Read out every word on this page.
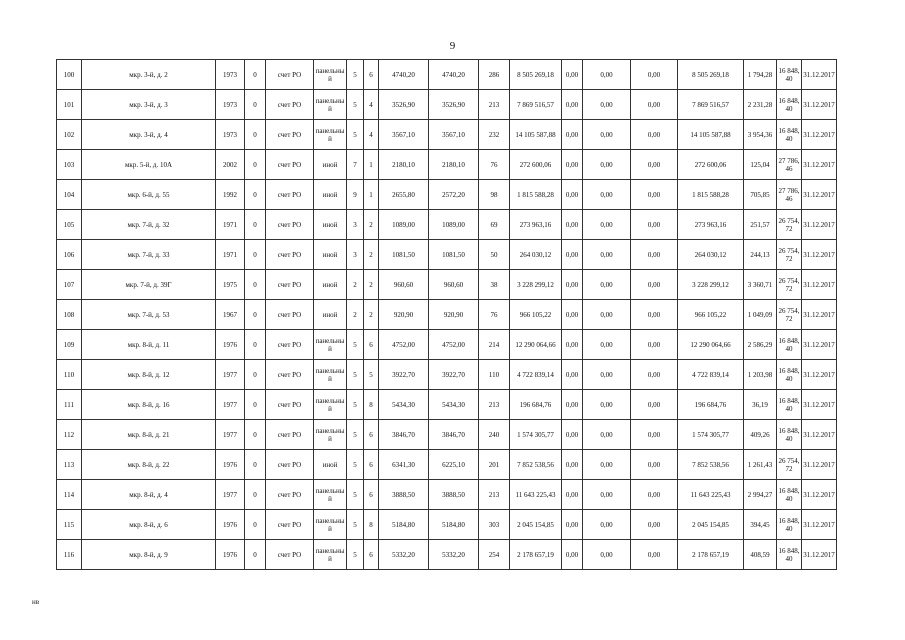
9
100	мкр. 3-й, д. 2	1973	0	счет РО	панельный	5	6	4740,20	4740,20	286	8 505 269,18	0,00	0,00	0,00	8 505 269,18	1 794,28	16 848,40	31.12.2017
101	мкр. 3-й, д. 3	1973	0	счет РО	панельный	5	4	3526,90	3526,90	213	7 869 516,57	0,00	0,00	0,00	7 869 516,57	2 231,28	16 848,40	31.12.2017
102	мкр. 3-й, д. 4	1973	0	счет РО	панельный	5	4	3567,10	3567,10	232	14 105 587,88	0,00	0,00	0,00	14 105 587,88	3 954,36	16 848,40	31.12.2017
103	мкр. 5-й, д. 10А	2002	0	счет РО	иной	7	1	2180,10	2180,10	76	272 600,06	0,00	0,00	0,00	272 600,06	125,04	27 786,46	31.12.2017
104	мкр. 6-й, д. 55	1992	0	счет РО	иной	9	1	2655,80	2572,20	98	1 815 588,28	0,00	0,00	0,00	1 815 588,28	705,85	27 786,46	31.12.2017
105	мкр. 7-й, д. 32	1971	0	счет РО	иной	3	2	1089,00	1089,00	69	273 963,16	0,00	0,00	0,00	273 963,16	251,57	26 754,72	31.12.2017
106	мкр. 7-й, д. 33	1971	0	счет РО	иной	3	2	1081,50	1081,50	50	264 030,12	0,00	0,00	0,00	264 030,12	244,13	26 754,72	31.12.2017
107	мкр. 7-й, д. 39Г	1975	0	счет РО	иной	2	2	960,60	960,60	38	3 228 299,12	0,00	0,00	0,00	3 228 299,12	3 360,71	26 754,72	31.12.2017
108	мкр. 7-й, д. 53	1967	0	счет РО	иной	2	2	920,90	920,90	76	966 105,22	0,00	0,00	0,00	966 105,22	1 049,09	26 754,72	31.12.2017
109	мкр. 8-й, д. 11	1976	0	счет РО	панельный	5	6	4752,00	4752,00	214	12 290 064,66	0,00	0,00	0,00	12 290 064,66	2 586,29	16 848,40	31.12.2017
110	мкр. 8-й, д. 12	1977	0	счет РО	панельный	5	5	3922,70	3922,70	110	4 722 839,14	0,00	0,00	0,00	4 722 839,14	1 203,98	16 848,40	31.12.2017
111	мкр. 8-й, д. 16	1977	0	счет РО	панельный	5	8	5434,30	5434,30	213	196 684,76	0,00	0,00	0,00	196 684,76	36,19	16 848,40	31.12.2017
112	мкр. 8-й, д. 21	1977	0	счет РО	панельный	5	6	3846,70	3846,70	240	1 574 305,77	0,00	0,00	0,00	1 574 305,77	409,26	16 848,40	31.12.2017
113	мкр. 8-й, д. 22	1976	0	счет РО	иной	5	6	6341,30	6225,10	201	7 852 538,56	0,00	0,00	0,00	7 852 538,56	1 261,43	26 754,72	31.12.2017
114	мкр. 8-й, д. 4	1977	0	счет РО	панельный	5	6	3888,50	3888,50	213	11 643 225,43	0,00	0,00	0,00	11 643 225,43	2 994,27	16 848,40	31.12.2017
115	мкр. 8-й, д. 6	1976	0	счет РО	панельный	5	8	5184,80	5184,80	303	2 045 154,85	0,00	0,00	0,00	2 045 154,85	394,45	16 848,40	31.12.2017
116	мкр. 8-й, д. 9	1976	0	счет РО	панельный	5	6	5332,20	5332,20	254	2 178 657,19	0,00	0,00	0,00	2 178 657,19	408,59	16 848,40	31.12.2017
нв
